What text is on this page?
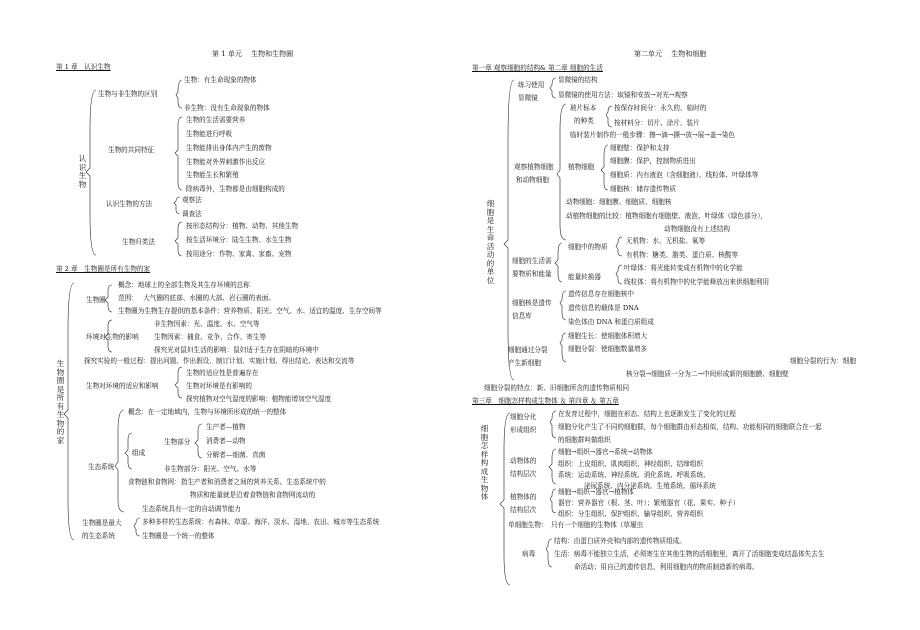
第 1 单元　 生物和生物圈
第 1 章　认识生物
认识生物
生物与非生物的区别
生物：有生命现象的物体
非生物：没有生命现象的物体
生物的共同特征
生物的生活需要营养
生物能进行呼吸
生物能排出身体内产生的废物
生物能对外界刺激作出反应
生物能生长和繁殖
除病毒外，生物都是由细胞构成的
认识生物的方法	观察法
调查法
生物归类法
按形态结构分：植物、动物、其他生物
按生活环境分：陆生生物、水生生物
按用途分：作物、家禽、家畜、宠物
第 2 章　生物圈是所有生物的家
生物圈是所有生物的家
生物圈
概念：地球上的全部生物及其生存环境的总称
范围：　 大气圈的底部、水圈的大部、岩石圈的表面。
生物圈为生物生存提供的基本条件：营养物质、阳光、空气、水、适宜的温度、生存空间等
环境对生物的影响
非生物因素：光、温度、水、空气等
生物因素：捕食、竞争、合作、寄生等
探究光对鼠妇生活的影响：鼠妇适于生存在阴暗的环境中
探究实验的一般过程：提出问题、作出假设、制订计划、实施计划、得出结论、表达和交流等
生物对环境的适应和影响
生物的适应性是普遍存在
生物对环境是有影响的
探究植物对空气湿度的影响：植物能增加空气湿度
生态系统
概念：在一定地域内，生物与环境所形成的统一的整体
组成
生物部分
生产者—植物
消费者—动物
分解者—细菌、真菌
非生物部分：阳光、空气、水等
食物链和食物网：指生产者和消费者之间的营养关系。生态系统中的
物质和能量就是沿着食物链和食物网流动的
生态系统具有一定的自动调节能力
生物圈是最大
的生态系统
多种多样的生态系统：有森林、草原、海洋、淡水、湿地、农田、城市等生态系统
生物圈是一个统一的整体
第二单元　 生物和细胞
第一章 观察细胞的结构& 第二章 细胞的生活
细胞是生命活动的单位
练习使用
显微镜
显微镜的结构
显微镜的使用方法：取镜和安放→对光→观察
观察植物细胞
和动物细胞
玻片标本
的种类
按保存时间分：永久的、临时的
按材料分：切片、涂片、装片
临时装片制作的一般步骤：擦→滴→撕→放→展→盖→染色
植物细胞
细胞壁：保护和支持
细胞膜：保护，控制物质进出
细胞质：内有液泡（含细胞液）、线粒体、叶绿体等
细胞核：储存遗传物质
动物细胞：细胞膜、细胞质、细胞核
动植物细胞的比较：植物细胞有细胞壁、液泡、叶绿体（绿色部分），
动物细胞没有上述结构
细胞的生活需
要物质和能量
细胞中的物质
无机物：水、无机盐、氧等
有机物：糖类、脂类、蛋白质、核酸等
能量转换器
叶绿体：将光能转变成有机物中的化学能
线粒体：将有机物中的化学能释放出来供细胞利用
细胞核是遗传
信息库
遗传信息存在细胞核中
遗传信息的载体是 DNA
染色体由 DNA 和蛋白质组成
细胞通过分裂
产生新细胞
细胞生长：使细胞体积增大
细胞分裂：使细胞数量增多
细胞分裂的行为：细胞
核分裂→细胞质一分为二→中间形成新的细胞膜、细胞壁
细胞分裂的特点：新、旧细胞所含的遗传物质相同
第三章　细胞怎样构成生物体 ＆ 第四章 ＆ 第五章
细胞怎样构成生物体
细胞分化
形成组织
在发育过程中，细胞在形态、结构上也逐渐发生了变化的过程
细胞分化产生了不同的细胞群，每个细胞群由形态相似，结构、功能相同的细胞联合在一起
的细胞群叫做组织
动物体的
结构层次
细胞→组织→器官→系统→动物体
组织：上皮组织、肌肉组织、神经组织、结缔组织
系统：运动系统、神经系统、消化系统、呼吸系统、
泌尿系统、内分泌系统、生殖系统、循环系统
植物体的
结构层次
细胞→组织→器官→植物体
器官：营养器官（根、茎、叶）；繁殖器官（花、果实、种子）
组织：分生组织、保护组织、输导组织、营养组织
单细胞生物：　只有一个细胞的生物体（草履虫
病毒
结构：由蛋白质外壳和内部的遗传物质组成。
生活：病毒不能独立生活，必须寄生在其他生物的活细胞里，离开了活细胞变成结晶体失去生
命活动；用自己的遗传信息，利用细胞内的物质制造新的病毒。
